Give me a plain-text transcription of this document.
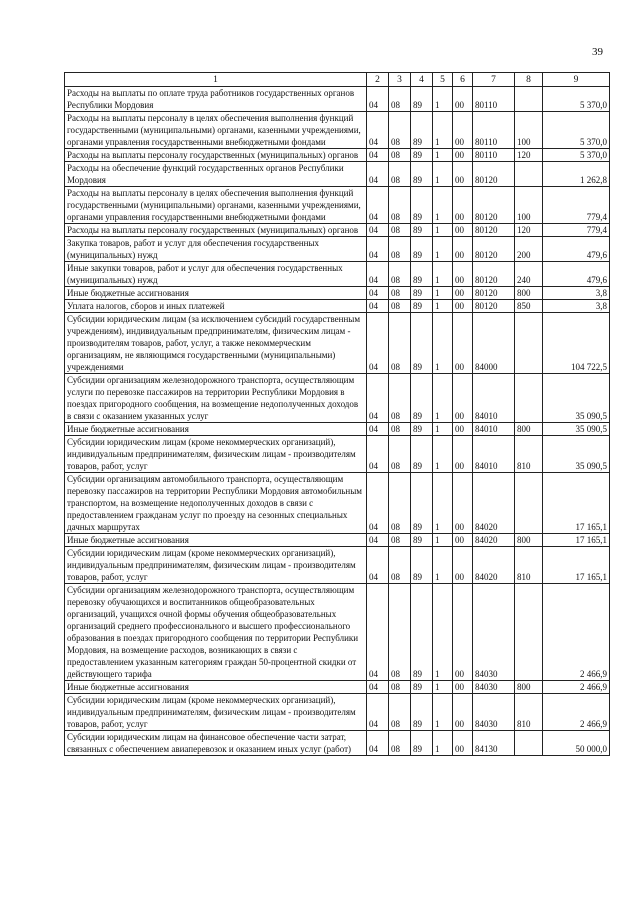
39
1	2	3	4	5	6	7	8	9
Расходы на выплаты по оплате труда работников государственных органов Республики Мордовия	04	08	89	1	00	80110		5 370,0
Расходы на выплаты персоналу в целях обеспечения выполнения функций государственными (муниципальными) органами, казенными учреждениями, органами управления государственными внебюджетными фондами	04	08	89	1	00	80110	100	5 370,0
Расходы на выплаты персоналу государственных (муниципальных) органов	04	08	89	1	00	80110	120	5 370,0
Расходы на обеспечение функций государственных органов Республики Мордовия	04	08	89	1	00	80120		1 262,8
Расходы на выплаты персоналу в целях обеспечения выполнения функций государственными (муниципальными) органами, казенными учреждениями, органами управления государственными внебюджетными фондами	04	08	89	1	00	80120	100	779,4
Расходы на выплаты персоналу государственных (муниципальных) органов	04	08	89	1	00	80120	120	779,4
Закупка товаров, работ и услуг для обеспечения государственных (муниципальных) нужд	04	08	89	1	00	80120	200	479,6
Иные закупки товаров, работ и услуг для обеспечения государственных (муниципальных) нужд	04	08	89	1	00	80120	240	479,6
Иные бюджетные ассигнования	04	08	89	1	00	80120	800	3,8
Уплата налогов, сборов и иных платежей	04	08	89	1	00	80120	850	3,8
Субсидии юридическим лицам (за исключением субсидий государственным учреждениям), индивидуальным предпринимателям, физическим лицам - производителям товаров, работ, услуг, а также некоммерческим организациям, не являющимся государственными (муниципальными) учреждениями	04	08	89	1	00	84000		104 722,5
Субсидии организациям железнодорожного транспорта, осуществляющим услуги по перевозке пассажиров на территории Республики Мордовия в поездах пригородного сообщения, на возмещение недополученных доходов в связи с оказанием указанных услуг	04	08	89	1	00	84010		35 090,5
Иные бюджетные ассигнования	04	08	89	1	00	84010	800	35 090,5
Субсидии юридическим лицам (кроме некоммерческих организаций), индивидуальным предпринимателям, физическим лицам - производителям товаров, работ, услуг	04	08	89	1	00	84010	810	35 090,5
Субсидии организациям автомобильного транспорта, осуществляющим перевозку пассажиров на территории Республики Мордовия автомобильным транспортом, на возмещение недополученных доходов в связи с предоставлением гражданам услуг по проезду на сезонных специальных дачных маршрутах	04	08	89	1	00	84020		17 165,1
Иные бюджетные ассигнования	04	08	89	1	00	84020	800	17 165,1
Субсидии юридическим лицам (кроме некоммерческих организаций), индивидуальным предпринимателям, физическим лицам - производителям товаров, работ, услуг	04	08	89	1	00	84020	810	17 165,1
Субсидии организациям железнодорожного транспорта, осуществляющим перевозку обучающихся и воспитанников общеобразовательных организаций, учащихся очной формы обучения общеобразовательных организаций среднего профессионального и высшего профессионального образования в поездах пригородного сообщения по территории Республики Мордовия, на возмещение расходов, возникающих в связи с предоставлением указанным категориям граждан 50-процентной скидки от действующего тарифа	04	08	89	1	00	84030		2 466,9
Иные бюджетные ассигнования	04	08	89	1	00	84030	800	2 466,9
Субсидии юридическим лицам (кроме некоммерческих организаций), индивидуальным предпринимателям, физическим лицам - производителям товаров, работ, услуг	04	08	89	1	00	84030	810	2 466,9
Субсидии юридическим лицам на финансовое обеспечение части затрат, связанных с обеспечением авиаперевозок и оказанием иных услуг (работ)	04	08	89	1	00	84130		50 000,0
